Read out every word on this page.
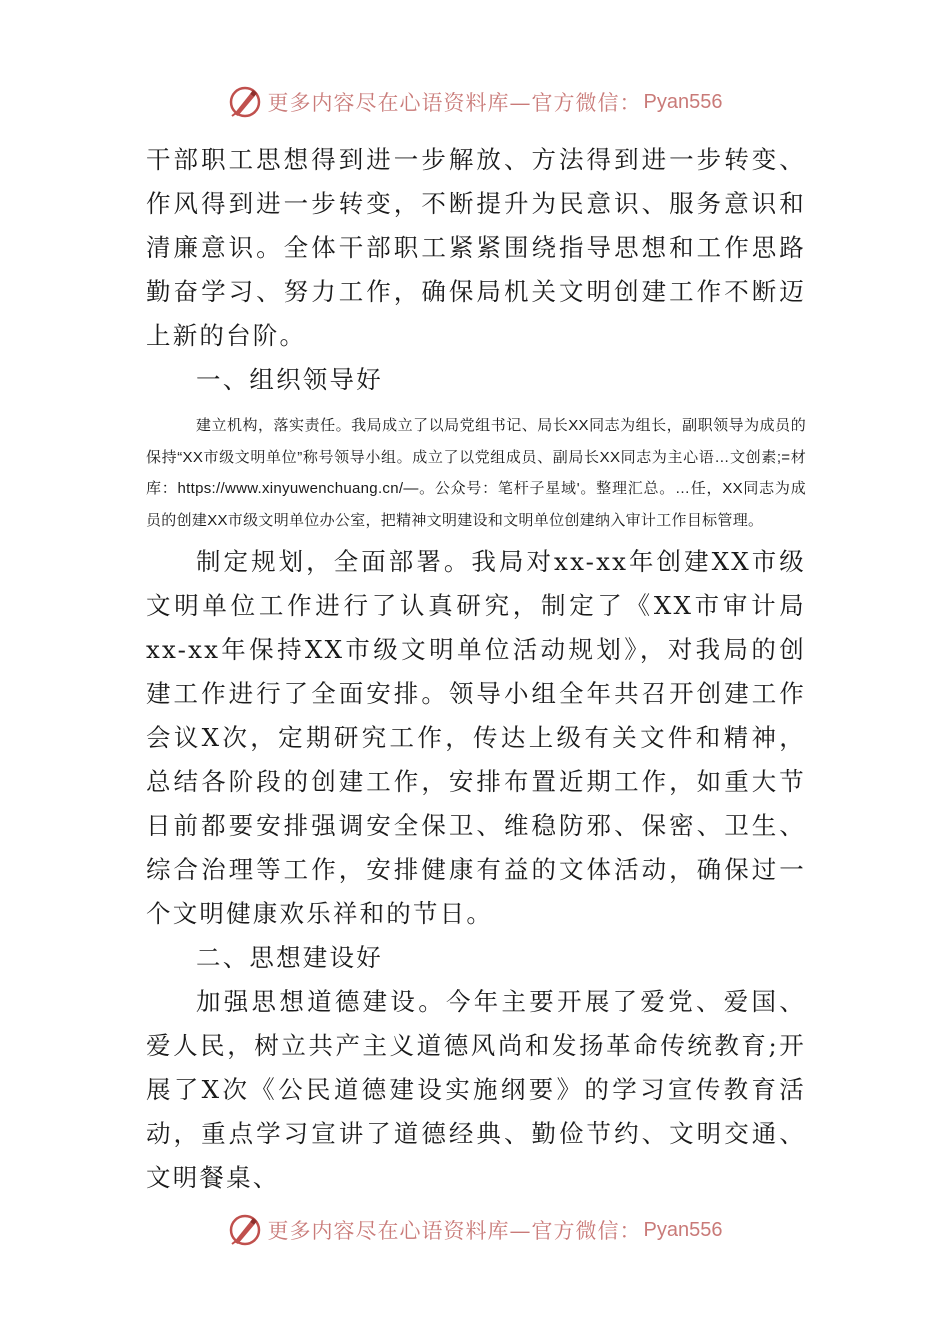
更多内容尽在心语资料库—官方微信： Pyan556

干部职工思想得到进一步解放、方法得到进一步转变、作风得到进一步转变，不断提升为民意识、服务意识和清廉意识。全体干部职工紧紧围绕指导思想和工作思路勤奋学习、努力工作，确保局机关文明创建工作不断迈上新的台阶。

一、组织领导好

建立机构，落实责任。我局成立了以局党组书记、局长XX同志为组长，副职领导为成员的保持“XX市级文明单位”称号领导小组。成立了以党组成员、副局长XX同志为主心语…文创素;=材库：https://www.xinyuwenchuang.cn/—。公众号：笔杆子星域'。整理汇总。…任，XX同志为成员的创建XX市级文明单位办公室，把精神文明建设和文明单位创建纳入审计工作目标管理。

制定规划，全面部署。我局对xx-xx年创建XX市级文明单位工作进行了认真研究，制定了《XX市审计局xx-xx年保持XX市级文明单位活动规划》，对我局的创建工作进行了全面安排。领导小组全年共召开创建工作会议X次，定期研究工作，传达上级有关文件和精神，总结各阶段的创建工作，安排布置近期工作，如重大节日前都要安排强调安全保卫、维稳防邪、保密、卫生、综合治理等工作，安排健康有益的文体活动，确保过一个文明健康欢乐祥和的节日。

二、思想建设好

加强思想道德建设。今年主要开展了爱党、爱国、爱人民，树立共产主义道德风尚和发扬革命传统教育;开展了X次《公民道德建设实施纲要》的学习宣传教育活动，重点学习宣讲了道德经典、勤俭节约、文明交通、文明餐桌、

更多内容尽在心语资料库—官方微信： Pyan556
